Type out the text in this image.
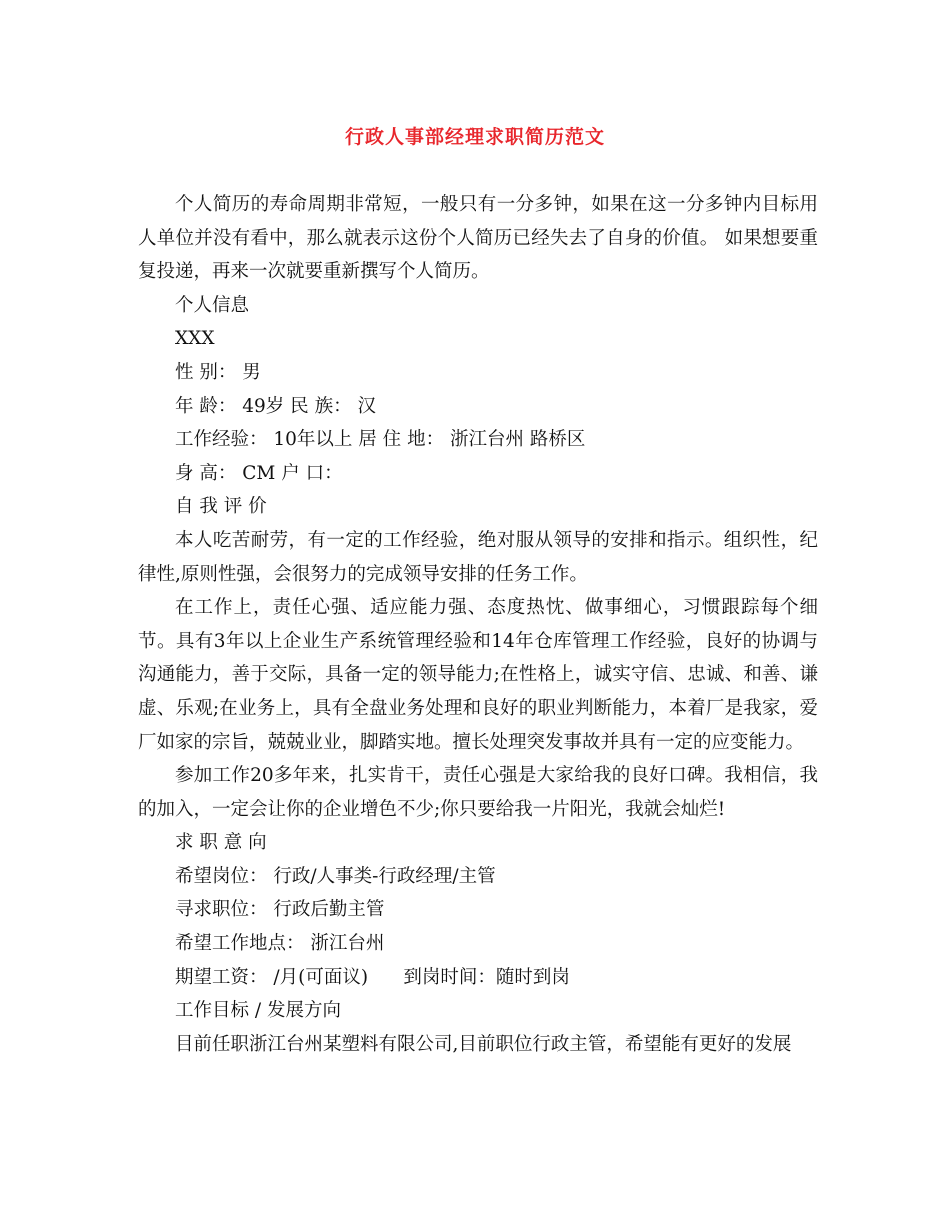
行政人事部经理求职简历范文

个人简历的寿命周期非常短，一般只有一分多钟，如果在这一分多钟内目标用人单位并没有看中，那么就表示这份个人简历已经失去了自身的价值。 如果想要重复投递，再来一次就要重新撰写个人简历。

个人信息

XXX

性 别： 男

年 龄： 49岁 民 族： 汉

工作经验： 10年以上 居 住 地： 浙江台州 路桥区

身 高： CM 户 口：

自 我 评 价

本人吃苦耐劳，有一定的工作经验，绝对服从领导的安排和指示。组织性，纪律性,原则性强，会很努力的完成领导安排的任务工作。

在工作上，责任心强、适应能力强、态度热忱、做事细心，习惯跟踪每个细节。具有3年以上企业生产系统管理经验和14年仓库管理工作经验，良好的协调与沟通能力，善于交际，具备一定的领导能力;在性格上，诚实守信、忠诚、和善、谦虚、乐观;在业务上，具有全盘业务处理和良好的职业判断能力，本着厂是我家，爱厂如家的宗旨，兢兢业业，脚踏实地。擅长处理突发事故并具有一定的应变能力。

参加工作20多年来，扎实肯干，责任心强是大家给我的良好口碑。我相信，我的加入，一定会让你的企业增色不少;你只要给我一片阳光，我就会灿烂!

求 职 意 向

希望岗位： 行政/人事类-行政经理/主管

寻求职位： 行政后勤主管

希望工作地点： 浙江台州

期望工资： /月(可面议)      到岗时间：随时到岗

工作目标 / 发展方向

目前任职浙江台州某塑料有限公司,目前职位行政主管，希望能有更好的发展
